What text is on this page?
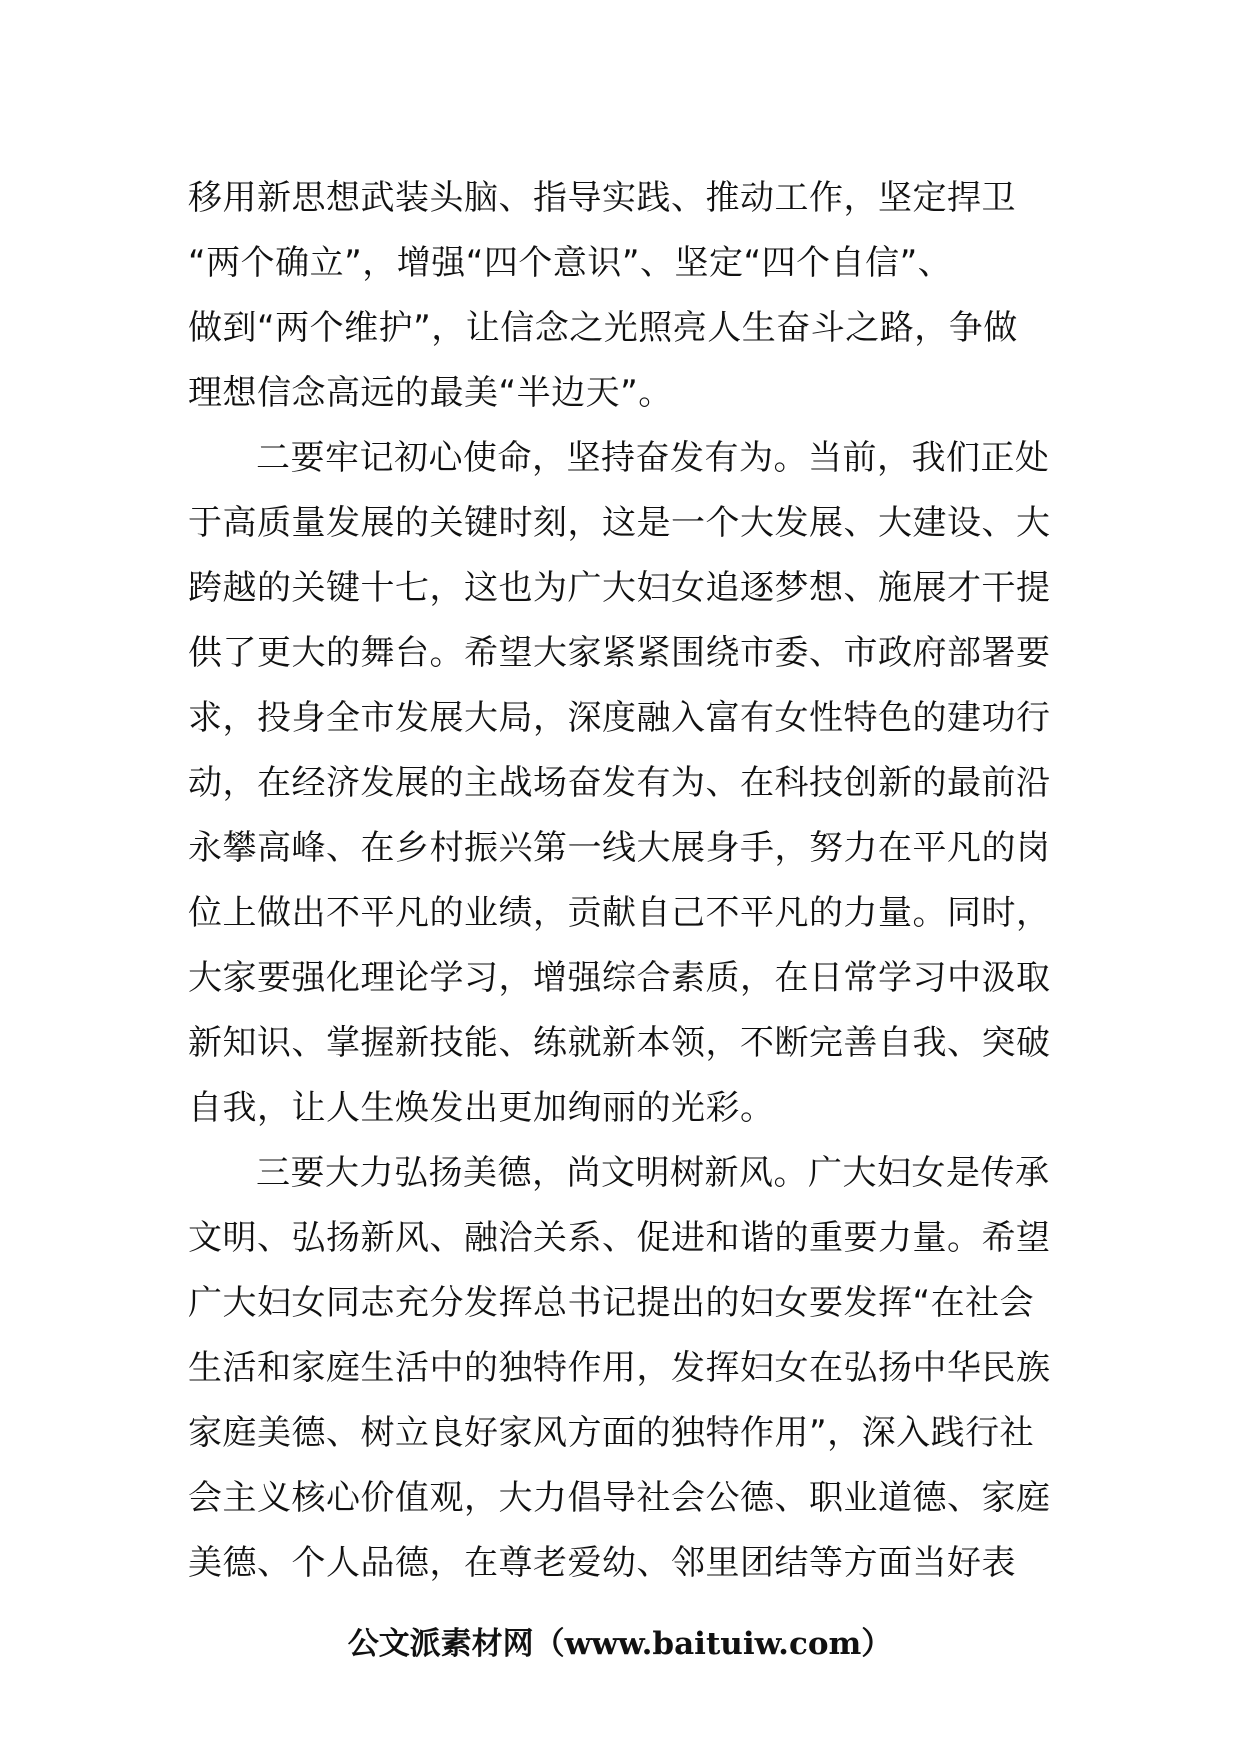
移用新思想武装头脑、指导实践、推动工作，坚定捍卫
“两个确立”，增强“四个意识”、坚定“四个自信”、
做到“两个维护”，让信念之光照亮人生奋斗之路，争做
理想信念高远的最美“半边天”。
二要牢记初心使命，坚持奋发有为。当前，我们正处
于高质量发展的关键时刻，这是一个大发展、大建设、大
跨越的关键十七，这也为广大妇女追逐梦想、施展才干提
供了更大的舞台。希望大家紧紧围绕市委、市政府部署要
求，投身全市发展大局，深度融入富有女性特色的建功行
动，在经济发展的主战场奋发有为、在科技创新的最前沿
永攀高峰、在乡村振兴第一线大展身手，努力在平凡的岗
位上做出不平凡的业绩，贡献自己不平凡的力量。同时，
大家要强化理论学习，增强综合素质，在日常学习中汲取
新知识、掌握新技能、练就新本领，不断完善自我、突破
自我，让人生焕发出更加绚丽的光彩。
三要大力弘扬美德，尚文明树新风。广大妇女是传承
文明、弘扬新风、融洽关系、促进和谐的重要力量。希望
广大妇女同志充分发挥总书记提出的妇女要发挥“在社会
生活和家庭生活中的独特作用，发挥妇女在弘扬中华民族
家庭美德、树立良好家风方面的独特作用”，深入践行社
会主义核心价值观，大力倡导社会公德、职业道德、家庭
美德、个人品德，在尊老爱幼、邻里团结等方面当好表
公文派素材网（www.baituiw.com）
